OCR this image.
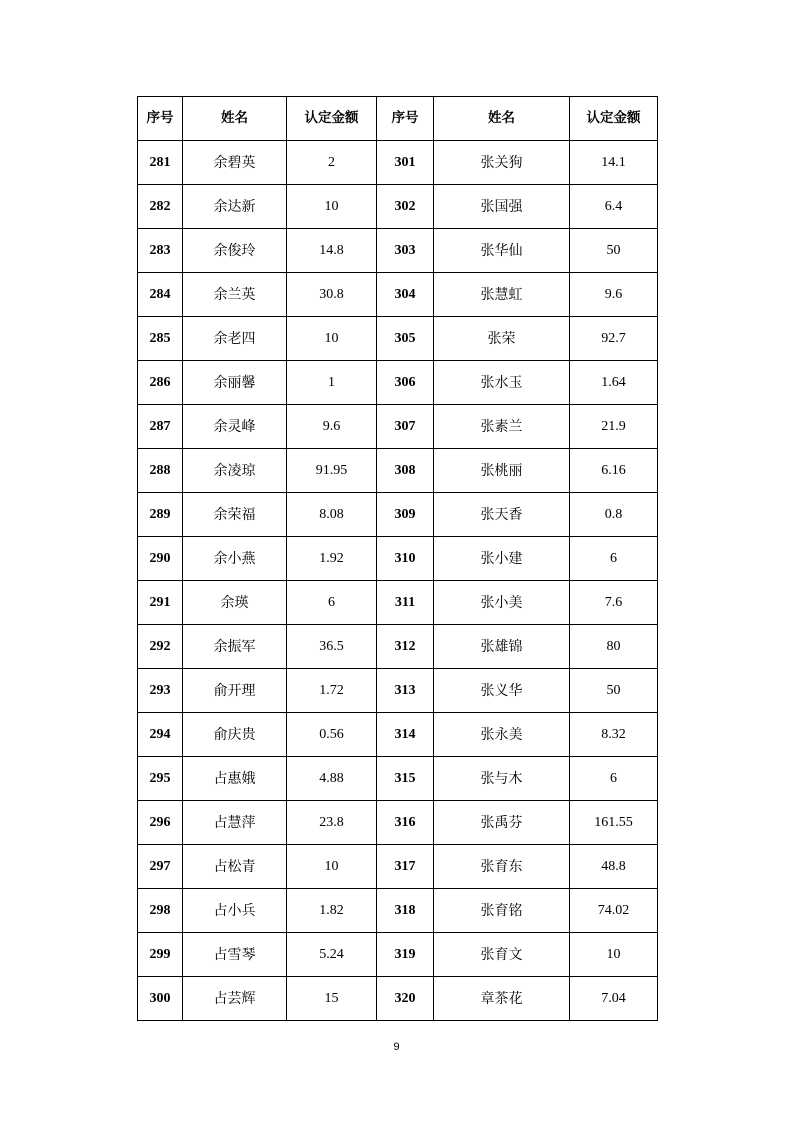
序号	姓名	认定金额	序号	姓名	认定金额
281	余碧英	2	301	张关狗	14.1
282	余达新	10	302	张国强	6.4
283	余俊玲	14.8	303	张华仙	50
284	余兰英	30.8	304	张慧虹	9.6
285	余老四	10	305	张荣	92.7
286	余丽馨	1	306	张水玉	1.64
287	余灵峰	9.6	307	张素兰	21.9
288	余凌琼	91.95	308	张桃丽	6.16
289	余荣福	8.08	309	张天香	0.8
290	余小燕	1.92	310	张小建	6
291	余瑛	6	311	张小美	7.6
292	余振军	36.5	312	张雄锦	80
293	俞开理	1.72	313	张义华	50
294	俞庆贵	0.56	314	张永美	8.32
295	占惠娥	4.88	315	张与木	6
296	占慧萍	23.8	316	张禹芬	161.55
297	占松青	10	317	张育东	48.8
298	占小兵	1.82	318	张育铭	74.02
299	占雪琴	5.24	319	张育文	10
300	占芸辉	15	320	章茶花	7.04
9
